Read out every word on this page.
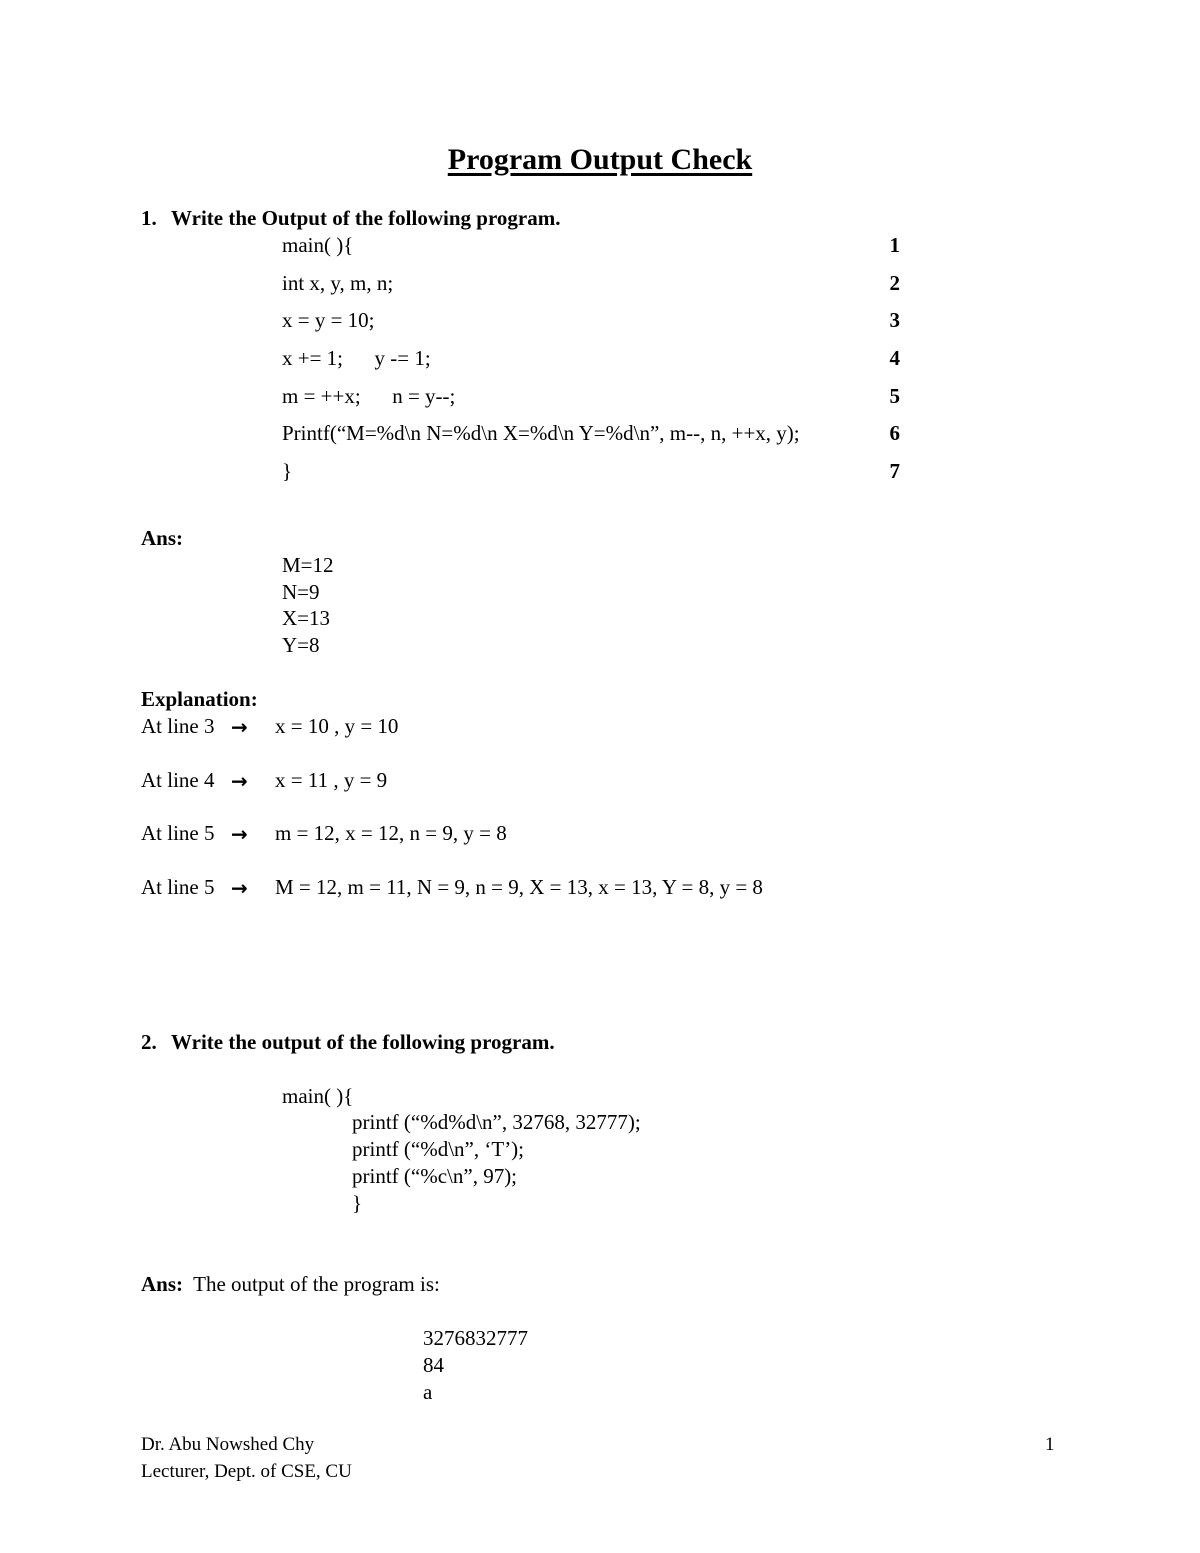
Program Output Check
1. Write the Output of the following program.
main( ){	1
int x, y, m, n;	2
x = y = 10;	3
x += 1;      y -= 1;	4
m = ++x;      n = y--;	5
Printf(“M=%d\n N=%d\n X=%d\n Y=%d\n”, m--, n, ++x, y);	6
}	7
Ans:
M=12
N=9
X=13
Y=8
Explanation:
At line 3 → x = 10 , y = 10
At line 4 → x = 11 , y = 9
At line 5 → m = 12, x = 12, n = 9, y = 8
At line 5 → M = 12, m = 11, N = 9, n = 9, X = 13, x = 13, Y = 8, y = 8
2. Write the output of the following program.
main( ){
printf (“%d%d\n”, 32768, 32777);
printf (“%d\n”, ‘T’);
printf (“%c\n”, 97);
}
Ans: The output of the program is:
3276832777
84
a
Dr. Abu Nowshed Chy
Lecturer, Dept. of CSE, CU
1
